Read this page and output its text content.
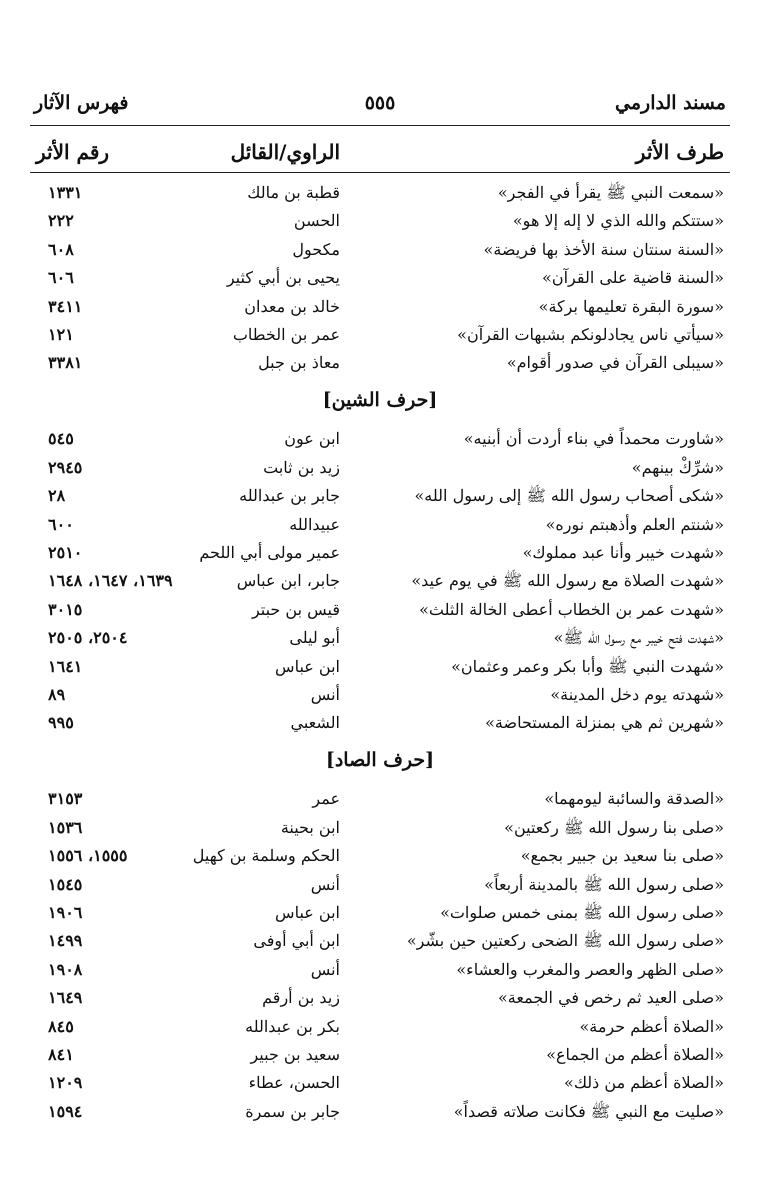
مسند الدارمي
٥٥٥
فهرس الآثار
طرف الأثر
الراوي/القائل
رقم الأثر
«سمعت النبي ﷺ يقرأ في الفجر»
قطبة بن مالك
١٣٣١
«ستتكم والله الذي لا إله إلا هو»
الحسن
٢٢٢
«السنة سنتان سنة الأخذ بها فريضة»
مكحول
٦٠٨
«السنة قاضية على القرآن»
يحيى بن أبي كثير
٦٠٦
«سورة البقرة تعليمها بركة»
خالد بن معدان
٣٤١١
«سيأتي ناس يجادلونكم بشبهات القرآن»
عمر بن الخطاب
١٢١
«سيبلى القرآن في صدور أقوام»
معاذ بن جبل
٣٣٨١
[حرف الشين]
«شاورت محمداً في بناء أردت أن أبنيه»
ابن عون
٥٤٥
«شرِّكْ بينهم»
زيد بن ثابت
٢٩٤٥
«شكى أصحاب رسول الله ﷺ إلى رسول الله»
جابر بن عبدالله
٢٨
«شنتم العلم وأذهبتم نوره»
عبيدالله
٦٠٠
«شهدت خيبر وأنا عبد مملوك»
عمير مولى أبي اللحم
٢٥١٠
«شهدت الصلاة مع رسول الله ﷺ في يوم عيد»
جابر، ابن عباس
١٦٣٩، ١٦٤٧، ١٦٤٨
«شهدت عمر بن الخطاب أعطى الخالة الثلث»
قيس بن حبتر
٣٠١٥
«شهدت فتح خيبر مع رسول الله ﷺ»
أبو ليلى
٢٥٠٤، ٢٥٠٥
«شهدت النبي ﷺ وأبا بكر وعمر وعثمان»
ابن عباس
١٦٤١
«شهدته يوم دخل المدينة»
أنس
٨٩
«شهرين ثم هي بمنزلة المستحاضة»
الشعبي
٩٩٥
[حرف الصاد]
«الصدقة والسائبة ليومهما»
عمر
٣١٥٣
«صلى بنا رسول الله ﷺ ركعتين»
ابن بحينة
١٥٣٦
«صلى بنا سعيد بن جبير بجمع»
الحكم وسلمة بن كهيل
١٥٥٥، ١٥٥٦
«صلى رسول الله ﷺ بالمدينة أربعاً»
أنس
١٥٤٥
«صلى رسول الله ﷺ بمنى خمس صلوات»
ابن عباس
١٩٠٦
«صلى رسول الله ﷺ الضحى ركعتين حين بشّر»
ابن أبي أوفى
١٤٩٩
«صلى الظهر والعصر والمغرب والعشاء»
أنس
١٩٠٨
«صلى العيد ثم رخص في الجمعة»
زيد بن أرقم
١٦٤٩
«الصلاة أعظم حرمة»
بكر بن عبدالله
٨٤٥
«الصلاة أعظم من الجماع»
سعيد بن جبير
٨٤١
«الصلاة أعظم من ذلك»
الحسن، عطاء
١٢٠٩
«صليت مع النبي ﷺ فكانت صلاته قصداً»
جابر بن سمرة
١٥٩٤
